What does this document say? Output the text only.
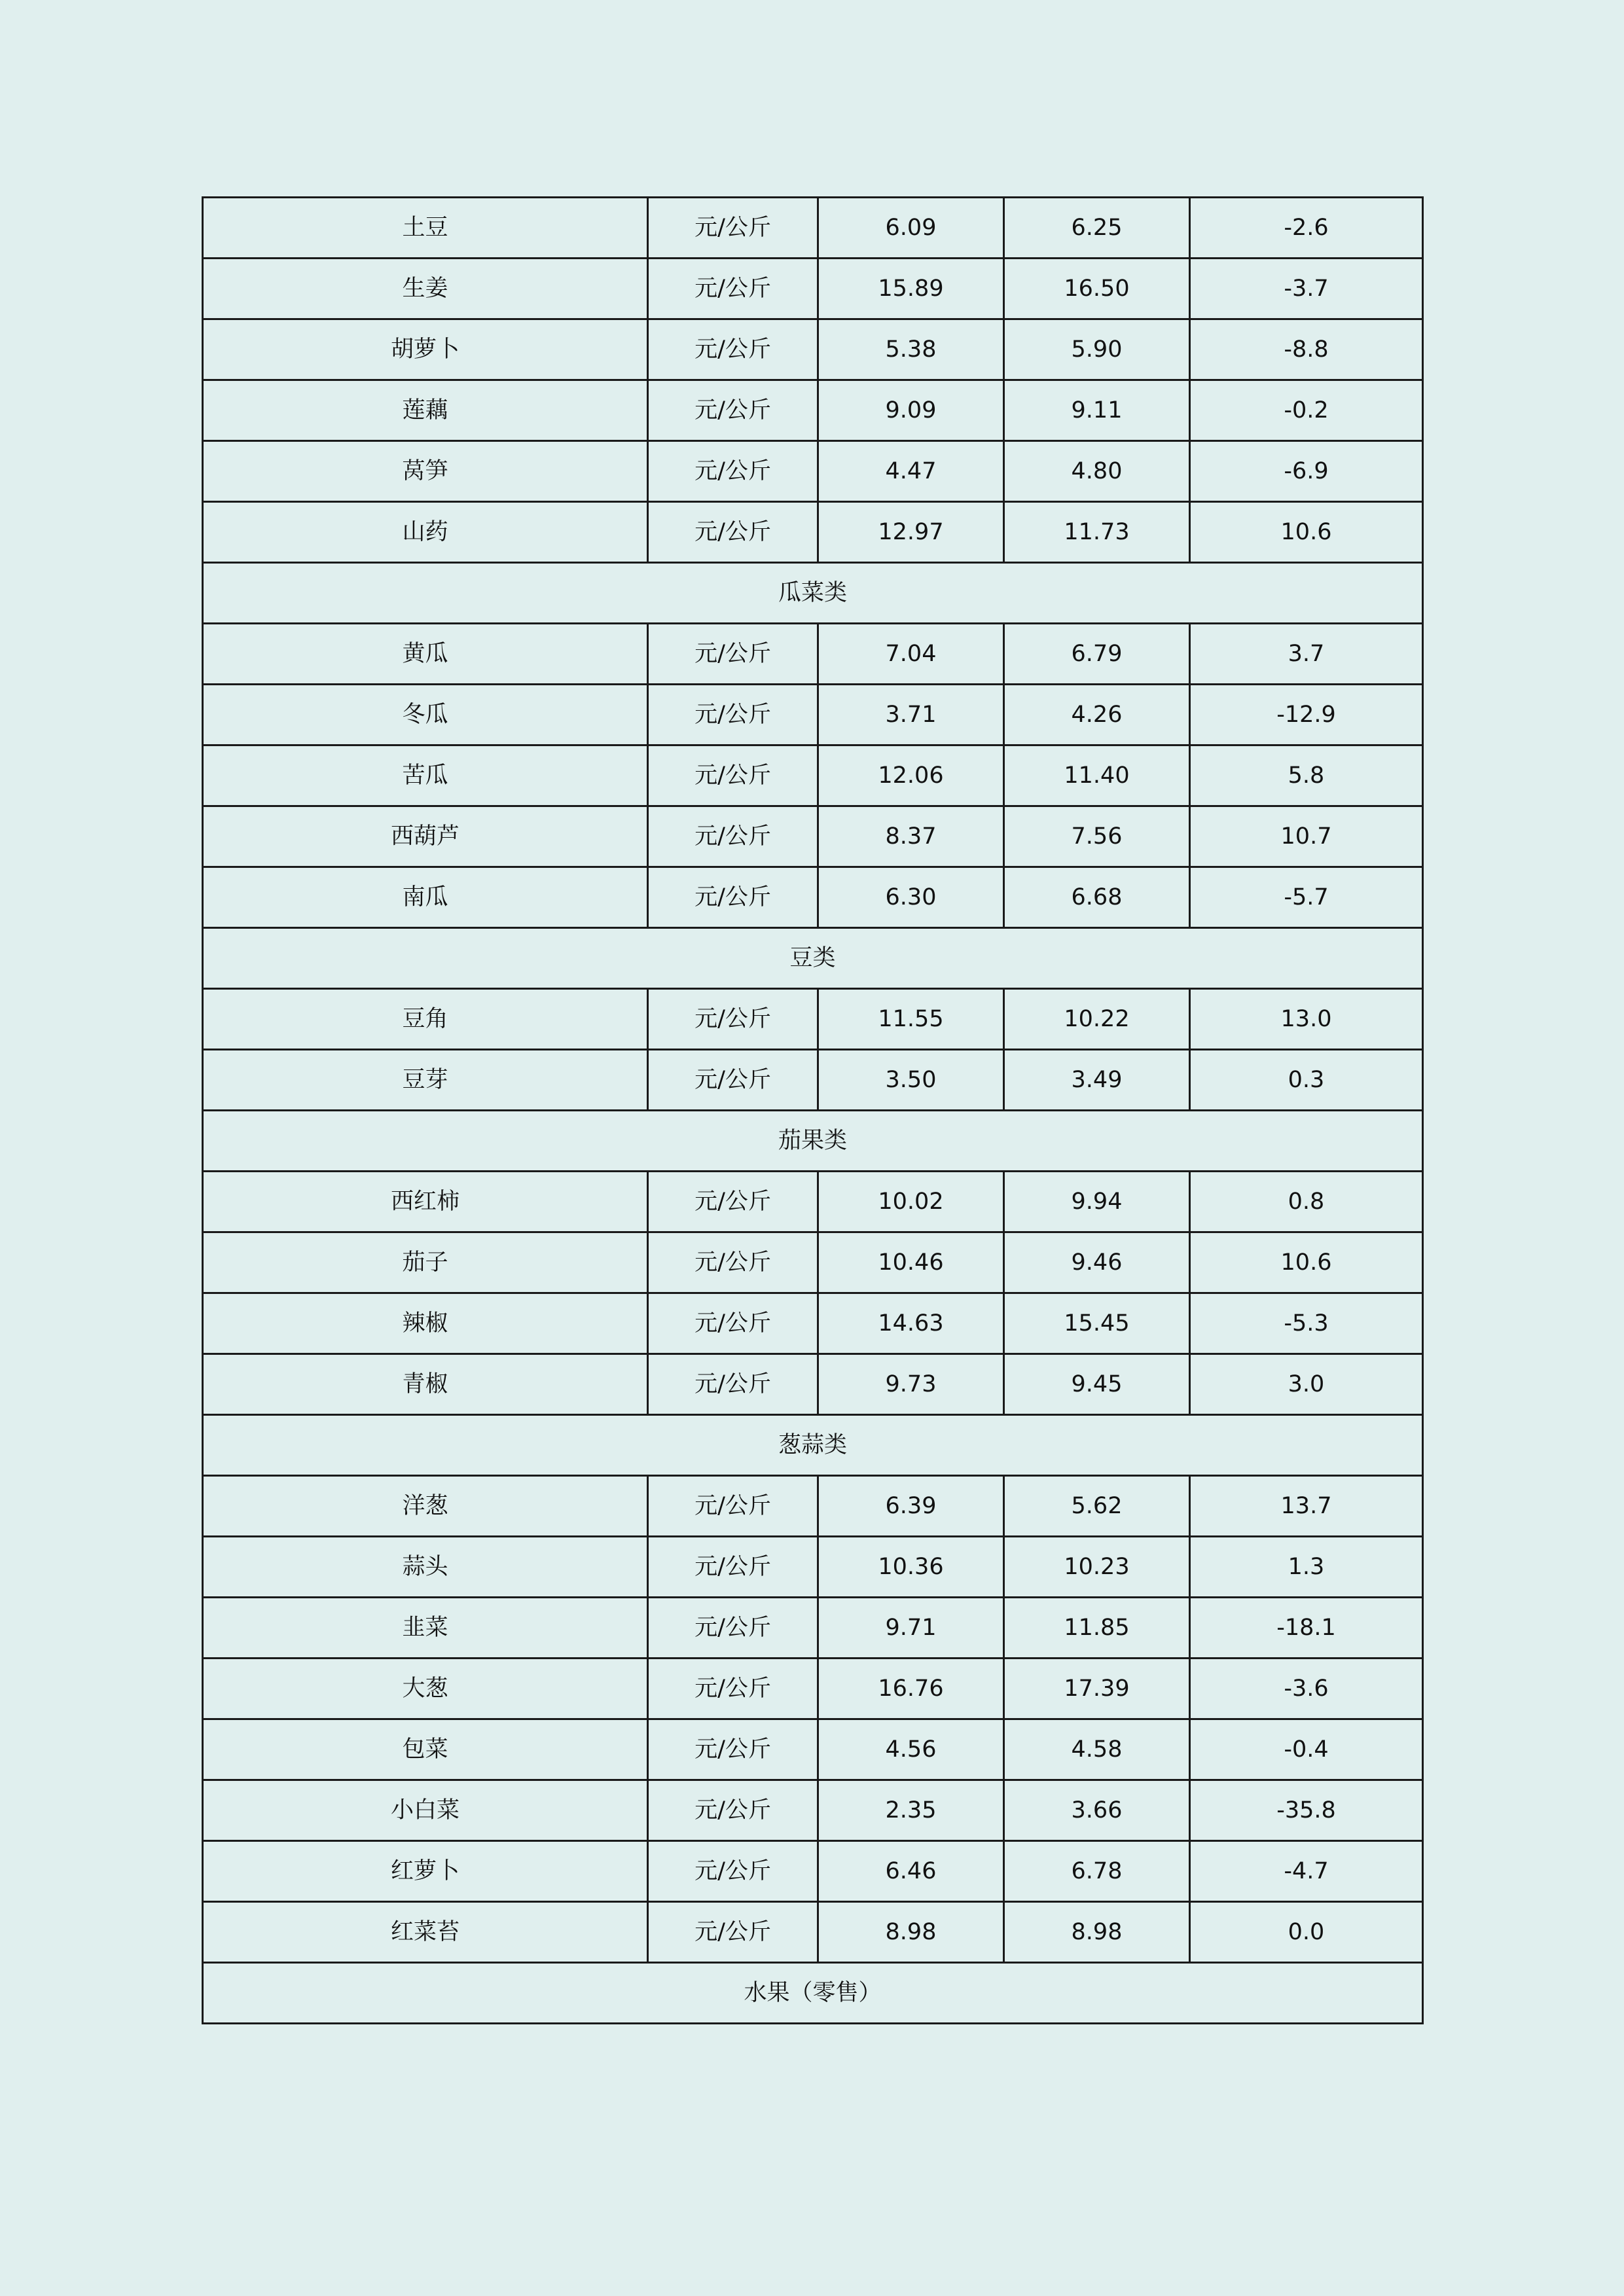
土豆	元/公斤	6.09	6.25	-2.6
生姜	元/公斤	15.89	16.50	-3.7
胡萝卜	元/公斤	5.38	5.90	-8.8
莲藕	元/公斤	9.09	9.11	-0.2
莴笋	元/公斤	4.47	4.80	-6.9
山药	元/公斤	12.97	11.73	10.6
瓜菜类				
黄瓜	元/公斤	7.04	6.79	3.7
冬瓜	元/公斤	3.71	4.26	-12.9
苦瓜	元/公斤	12.06	11.40	5.8
西葫芦	元/公斤	8.37	7.56	10.7
南瓜	元/公斤	6.30	6.68	-5.7
豆类				
豆角	元/公斤	11.55	10.22	13.0
豆芽	元/公斤	3.50	3.49	0.3
茄果类				
西红柿	元/公斤	10.02	9.94	0.8
茄子	元/公斤	10.46	9.46	10.6
辣椒	元/公斤	14.63	15.45	-5.3
青椒	元/公斤	9.73	9.45	3.0
葱蒜类				
洋葱	元/公斤	6.39	5.62	13.7
蒜头	元/公斤	10.36	10.23	1.3
韭菜	元/公斤	9.71	11.85	-18.1
大葱	元/公斤	16.76	17.39	-3.6
包菜	元/公斤	4.56	4.58	-0.4
小白菜	元/公斤	2.35	3.66	-35.8
红萝卜	元/公斤	6.46	6.78	-4.7
红菜苔	元/公斤	8.98	8.98	0.0
水果（零售）				
